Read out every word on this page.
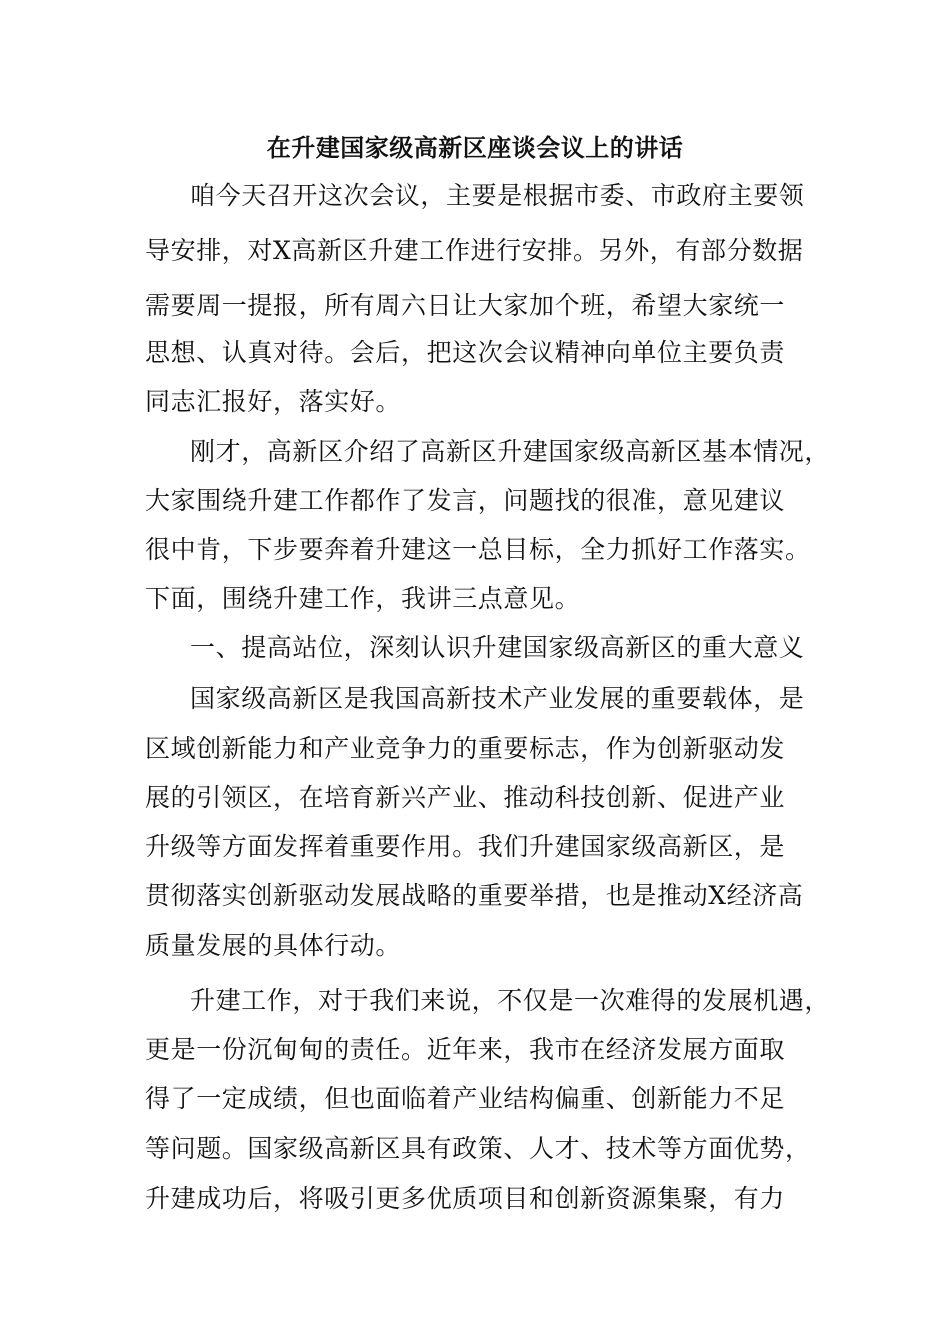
在升建国家级高新区座谈会议上的讲话
咱今天召开这次会议，主要是根据市委、市政府主要领
导安排，对X高新区升建工作进行安排。另外，有部分数据
需要周一提报，所有周六日让大家加个班，希望大家统一
思想、认真对待。会后，把这次会议精神向单位主要负责
同志汇报好，落实好。
刚才，高新区介绍了高新区升建国家级高新区基本情况，
大家围绕升建工作都作了发言，问题找的很准，意见建议
很中肯，下步要奔着升建这一总目标，全力抓好工作落实。
下面，围绕升建工作，我讲三点意见。
一、提高站位，深刻认识升建国家级高新区的重大意义
国家级高新区是我国高新技术产业发展的重要载体，是
区域创新能力和产业竞争力的重要标志，作为创新驱动发
展的引领区，在培育新兴产业、推动科技创新、促进产业
升级等方面发挥着重要作用。我们升建国家级高新区，是
贯彻落实创新驱动发展战略的重要举措，也是推动X经济高
质量发展的具体行动。
升建工作，对于我们来说，不仅是一次难得的发展机遇，
更是一份沉甸甸的责任。近年来，我市在经济发展方面取
得了一定成绩，但也面临着产业结构偏重、创新能力不足
等问题。国家级高新区具有政策、人才、技术等方面优势，
升建成功后，将吸引更多优质项目和创新资源集聚，有力
